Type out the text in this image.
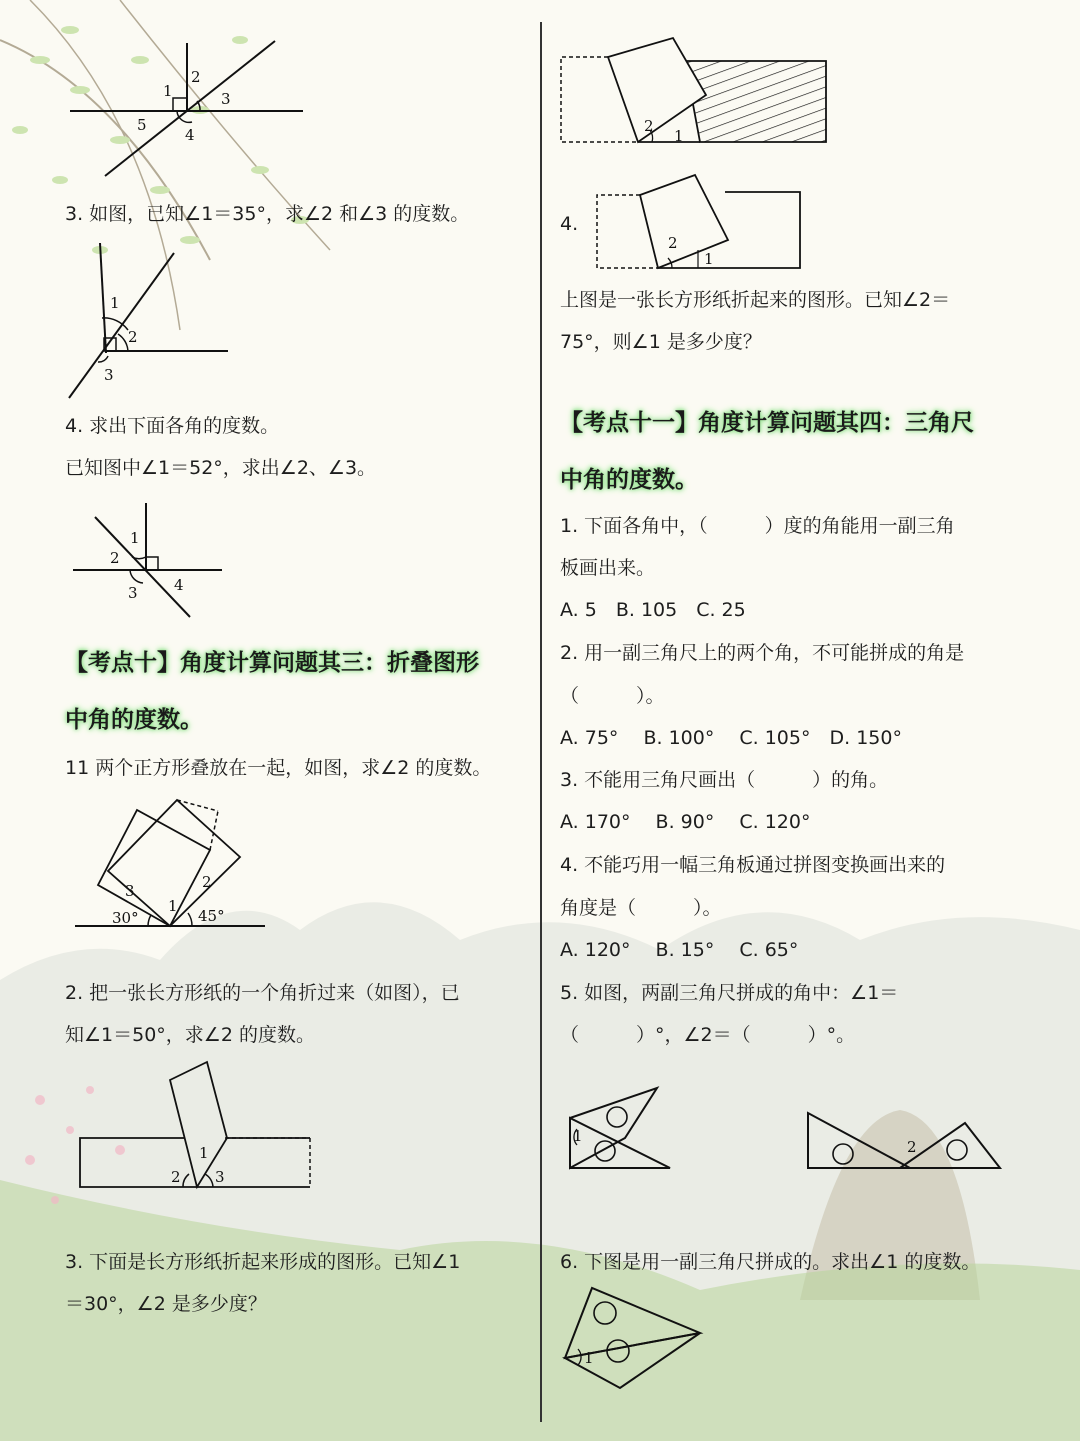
1
2
3
4
5
3. 如图，已知∠1＝35°，求∠2 和∠3 的度数。
1
2
3
4. 求出下面各角的度数。
已知图中∠1＝52°，求出∠2、∠3。
1
2
3 4
【考点十】角度计算问题其三：折叠图形
中角的度数。
11 两个正方形叠放在一起，如图，求∠2 的度数。
3
1
2
30°	45°
2. 把一张长方形纸的一个角折过来（如图），已
知∠1＝50°，求∠2 的度数。
1
2 3
3. 下面是长方形纸折起来形成的图形。已知∠1
＝30°，∠2 是多少度？
2
1
4.
2
1
上图是一张长方形纸折起来的图形。已知∠2＝
75°，则∠1 是多少度？
【考点十一】角度计算问题其四：三角尺
中角的度数。
1. 下面各角中，（　　　）度的角能用一副三角
板画出来。
A. 5　B. 105　C. 25
2. 用一副三角尺上的两个角，不可能拼成的角是
（　　　）。
A. 75°　 B. 100°　 C. 105°　D. 150°
3. 不能用三角尺画出（　　　）的角。
A. 170°　 B. 90°　 C. 120°
4. 不能巧用一幅三角板通过拼图变换画出来的
角度是（　　　）。
A. 120°　 B. 15°　 C. 65°
5. 如图，两副三角尺拼成的角中：∠1＝
（　　　）°，∠2＝（　　　）°。
1
2
6. 下图是用一副三角尺拼成的。求出∠1 的度数。
1
